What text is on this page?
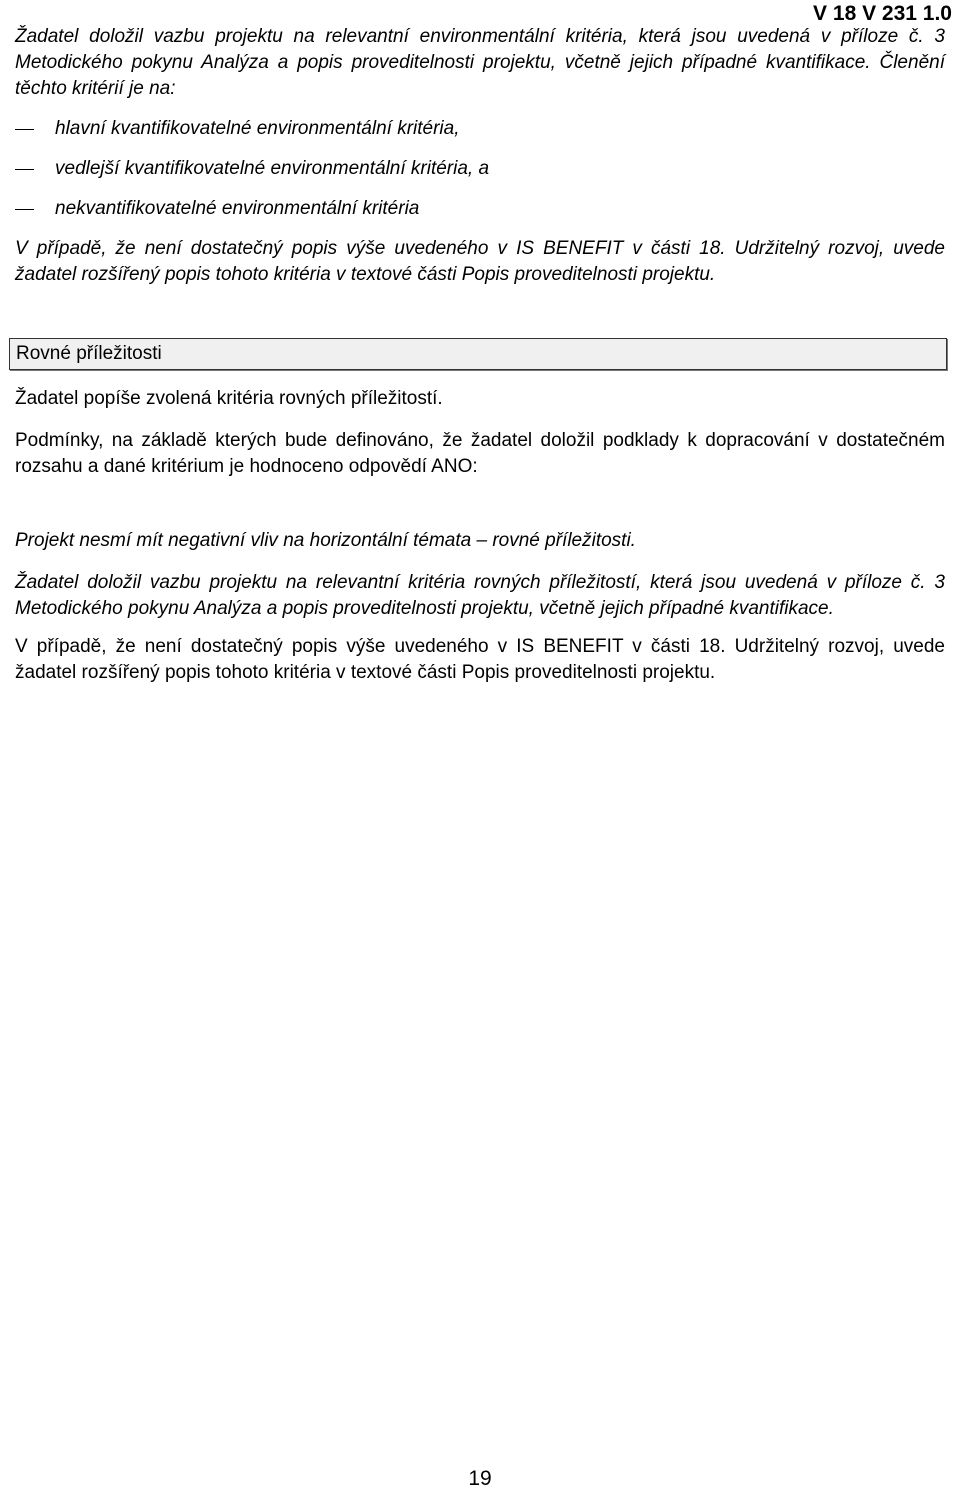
V 18 V 231 1.0

Žadatel doložil vazbu projektu na relevantní environmentální kritéria, která jsou uvedená v příloze č. 3 Metodického pokynu Analýza a popis proveditelnosti projektu, včetně jejich případné kvantifikace. Členění těchto kritérií je na:

hlavní kvantifikovatelné environmentální kritéria,
vedlejší kvantifikovatelné environmentální kritéria, a
nekvantifikovatelné environmentální kritéria

V případě, že není dostatečný popis výše uvedeného v IS BENEFIT v části 18. Udržitelný rozvoj, uvede žadatel rozšířený popis tohoto kritéria v textové části Popis proveditelnosti projektu.

Rovné příležitosti

Žadatel popíše zvolená kritéria rovných příležitostí.

Podmínky, na základě kterých bude definováno, že žadatel doložil podklady k dopracování v dostatečném rozsahu a dané kritérium je hodnoceno odpovědí ANO:

Projekt nesmí mít negativní vliv na horizontální témata – rovné příležitosti.

Žadatel doložil vazbu projektu na relevantní kritéria rovných příležitostí, která jsou uvedená v příloze č. 3 Metodického pokynu Analýza a popis proveditelnosti projektu, včetně jejich případné kvantifikace.

V případě, že není dostatečný popis výše uvedeného v IS BENEFIT v části 18. Udržitelný rozvoj, uvede žadatel rozšířený popis tohoto kritéria v textové části Popis proveditelnosti projektu.

19
